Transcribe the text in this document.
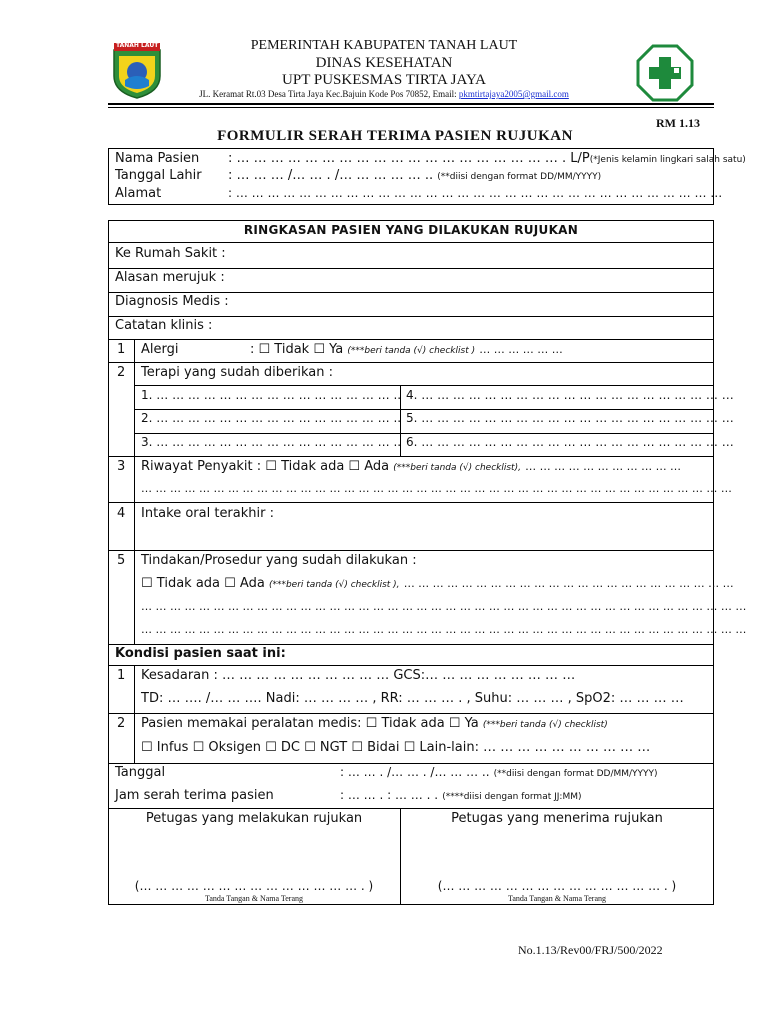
TANAH LAUT	PEMERINTAH KABUPATEN TANAH LAUT
DINAS KESEHATAN
UPT PUSKESMAS TIRTA JAYA
JL. Keramat Rt.03 Desa Tirta Jaya Kec.Bajuin Kode Pos 70852, Email: pkmtirtajaya2005@gmail.com
RM 1.13
FORMULIR SERAH TERIMA PASIEN RUJUKAN
Nama Pasien : … … … … … … … … … … … … … … … … … … … . L/P(*Jenis kelamin lingkari salah satu)
Tanggal Lahir : … … … /… … . /… … … … … .. (**diisi dengan format DD/MM/YYYY)
Alamat	: … … … … … … … … … … … … … … … … … … … … … … … … … … … … … … …
RINGKASAN PASIEN YANG DILAKUKAN RUJUKAN
Ke Rumah Sakit :
Alasan merujuk :
Diagnosis Medis :
Catatan klinis :
1 Alergi	: ☐ Tidak ☐ Ya (***beri tanda (√) checklist ) … … … … … …
2 Terapi yang sudah diberikan :
1. … … … … … … … … … … … … … … … .. 4. … … … … … … … … … … … … … … … … … … … …
2. … … … … … … … … … … … … … … … .. 5. … … … … … … … … … … … … … … … … … … … …
3. … … … … … … … … … … … … … … … .. 6. … … … … … … … … … … … … … … … … … … … …
3 Riwayat Penyakit : ☐ Tidak ada ☐ Ada (***beri tanda (√) checklist), … … … … … … … … … … …
… … … … … … … … … … … … … … … … … … … … … … … … … … … … … … … … … … … … … … … … …
4 Intake oral terakhir :
5 Tindakan/Prosedur yang sudah dilakukan :
☐ Tidak ada ☐ Ada (***beri tanda (√) checklist ), … … … … … … … … … … … … … … … … … … … … … … …
… … … … … … … … … … … … … … … … … … … … … … … … … … … … … … … … … … … … … … … … … …
… … … … … … … … … … … … … … … … … … … … … … … … … … … … … … … … … … … … … … … … … …
Kondisi pasien saat ini:
1 Kesadaran : … … … … … … … … … … GCS:… … … … … … … … …
TD: … …. /… … …. Nadi: … … … … , RR: … … … . , Suhu: … … … , SpO2: … … … …
2 Pasien memakai peralatan medis: ☐ Tidak ada ☐ Ya (***beri tanda (√) checklist)
☐ Infus ☐ Oksigen ☐ DC ☐ NGT ☐ Bidai ☐ Lain-lain: … … … … … … … … … …
Tanggal	: … … . /… … . /… … … .. (**diisi dengan format DD/MM/YYYY)
Jam serah terima pasien	: … … . : … … . . (****diisi dengan format JJ:MM)
Petugas yang melakukan rujukan	Petugas yang menerima rujukan
(… … … … … … … … … … … … … … . )	(… … … … … … … … … … … … … … . )
Tanda Tangan & Nama Terang	Tanda Tangan & Nama Terang
No.1.13/Rev00/FRJ/500/2022
